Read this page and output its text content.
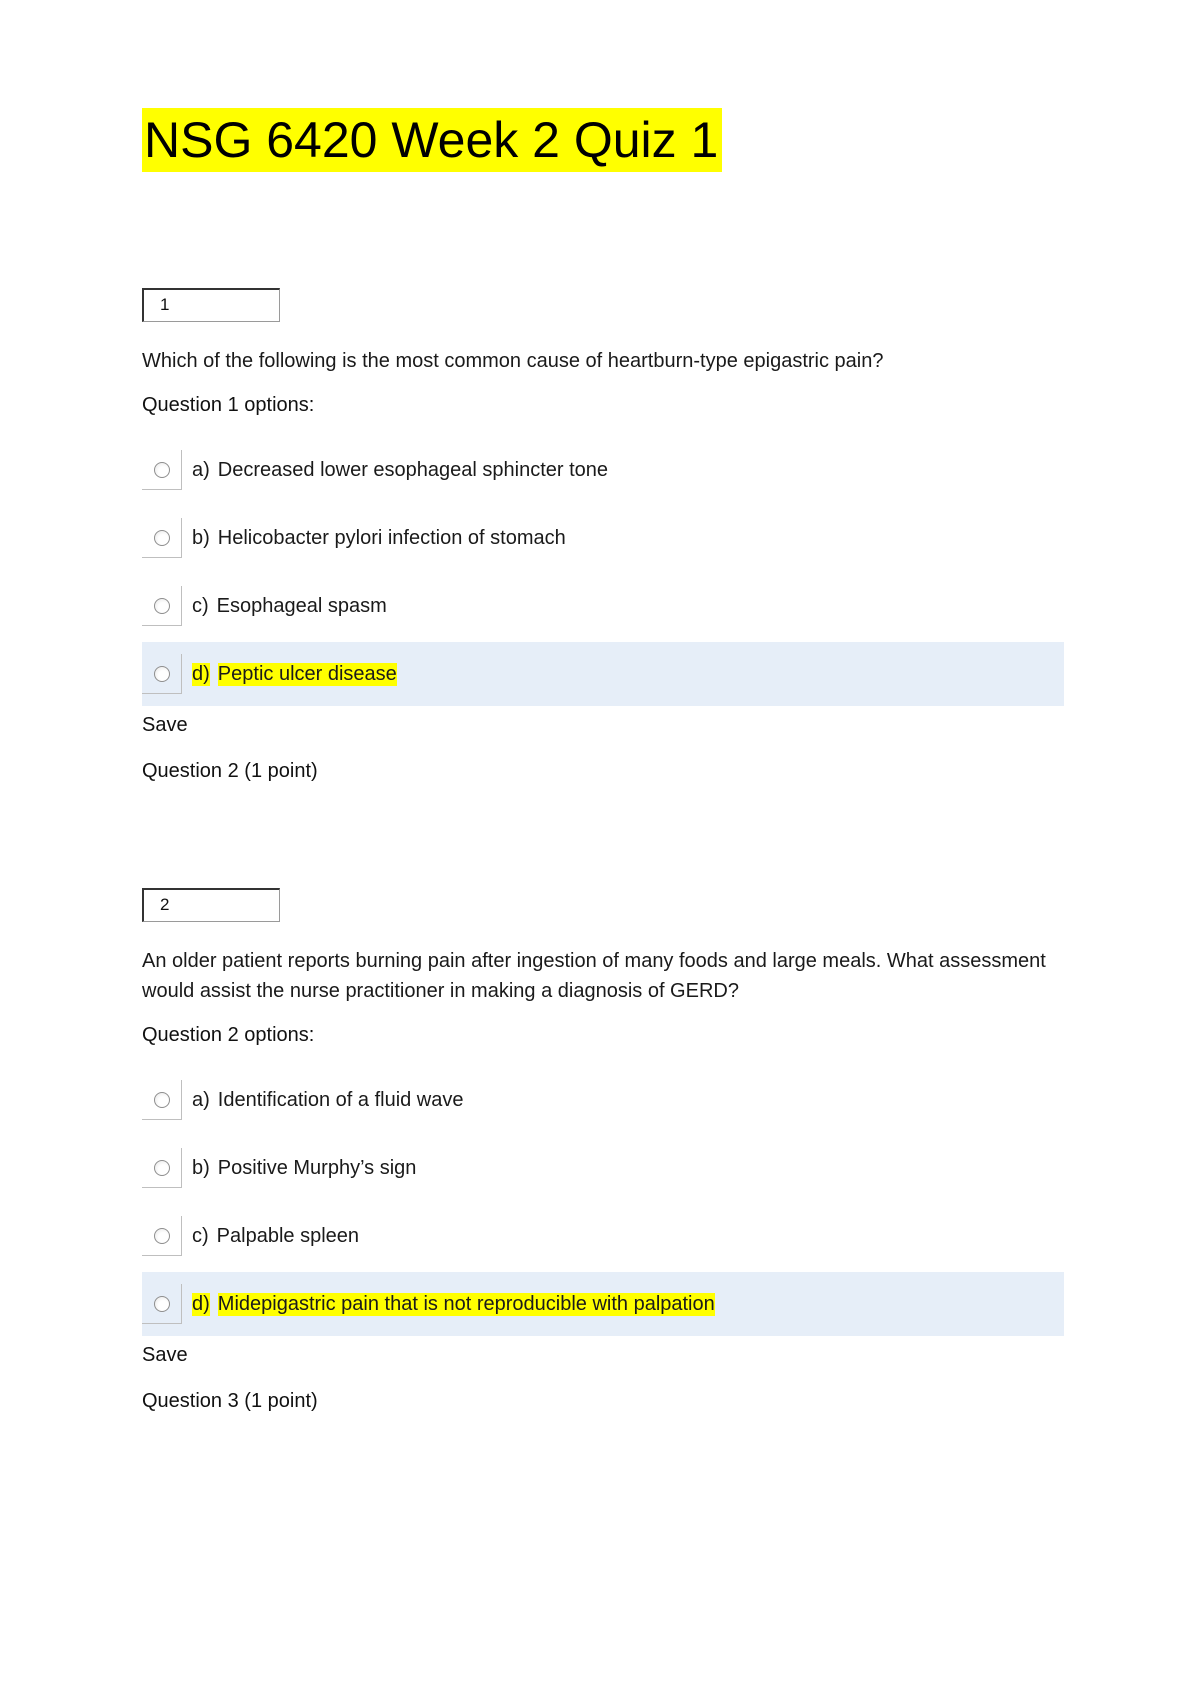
NSG 6420 Week 2 Quiz 1
1
Which of the following is the most common cause of heartburn-type epigastric pain?
Question 1 options:
a) Decreased lower esophageal sphincter tone
b) Helicobacter pylori infection of stomach
c) Esophageal spasm
d) Peptic ulcer disease
Save
Question 2 (1 point)
2
An older patient reports burning pain after ingestion of many foods and large meals. What assessment would assist the nurse practitioner in making a diagnosis of GERD?
Question 2 options:
a) Identification of a fluid wave
b) Positive Murphy’s sign
c) Palpable spleen
d) Midepigastric pain that is not reproducible with palpation
Save
Question 3 (1 point)
